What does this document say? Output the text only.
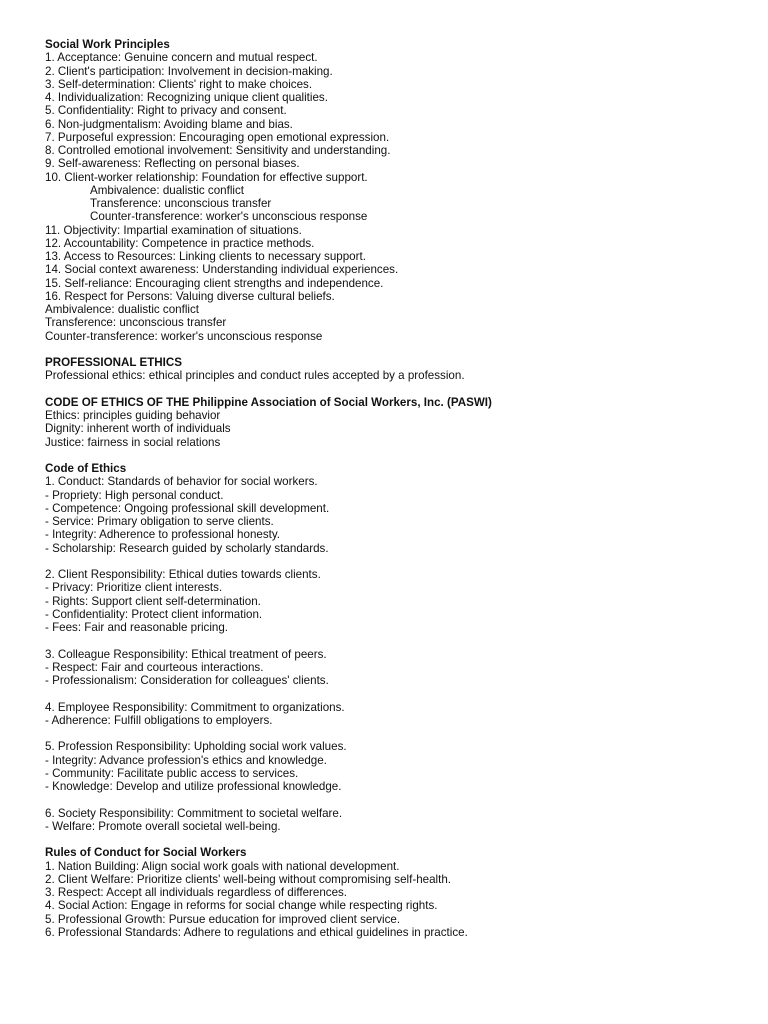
Social Work Principles
1. Acceptance: Genuine concern and mutual respect.
2. Client's participation: Involvement in decision-making.
3. Self-determination: Clients' right to make choices.
4. Individualization: Recognizing unique client qualities.
5. Confidentiality: Right to privacy and consent.
6. Non-judgmentalism: Avoiding blame and bias.
7. Purposeful expression: Encouraging open emotional expression.
8. Controlled emotional involvement: Sensitivity and understanding.
9. Self-awareness: Reflecting on personal biases.
10. Client-worker relationship: Foundation for effective support.
Ambivalence: dualistic conflict
Transference: unconscious transfer
Counter-transference: worker's unconscious response
11. Objectivity: Impartial examination of situations.
12. Accountability: Competence in practice methods.
13. Access to Resources: Linking clients to necessary support.
14. Social context awareness: Understanding individual experiences.
15. Self-reliance: Encouraging client strengths and independence.
16. Respect for Persons: Valuing diverse cultural beliefs.
Ambivalence: dualistic conflict
Transference: unconscious transfer
Counter-transference: worker's unconscious response
PROFESSIONAL ETHICS
Professional ethics: ethical principles and conduct rules accepted by a profession.
CODE OF ETHICS OF THE Philippine Association of Social Workers, Inc. (PASWI)
Ethics: principles guiding behavior
Dignity: inherent worth of individuals
Justice: fairness in social relations
Code of Ethics
1. Conduct: Standards of behavior for social workers.
- Propriety: High personal conduct.
- Competence: Ongoing professional skill development.
- Service: Primary obligation to serve clients.
- Integrity: Adherence to professional honesty.
- Scholarship: Research guided by scholarly standards.
2. Client Responsibility: Ethical duties towards clients.
- Privacy: Prioritize client interests.
- Rights: Support client self-determination.
- Confidentiality: Protect client information.
- Fees: Fair and reasonable pricing.
3. Colleague Responsibility: Ethical treatment of peers.
- Respect: Fair and courteous interactions.
- Professionalism: Consideration for colleagues' clients.
4. Employee Responsibility: Commitment to organizations.
- Adherence: Fulfill obligations to employers.
5. Profession Responsibility: Upholding social work values.
- Integrity: Advance profession's ethics and knowledge.
- Community: Facilitate public access to services.
- Knowledge: Develop and utilize professional knowledge.
6. Society Responsibility: Commitment to societal welfare.
- Welfare: Promote overall societal well-being.
Rules of Conduct for Social Workers
1. Nation Building: Align social work goals with national development.
2. Client Welfare: Prioritize clients' well-being without compromising self-health.
3. Respect: Accept all individuals regardless of differences.
4. Social Action: Engage in reforms for social change while respecting rights.
5. Professional Growth: Pursue education for improved client service.
6. Professional Standards: Adhere to regulations and ethical guidelines in practice.
